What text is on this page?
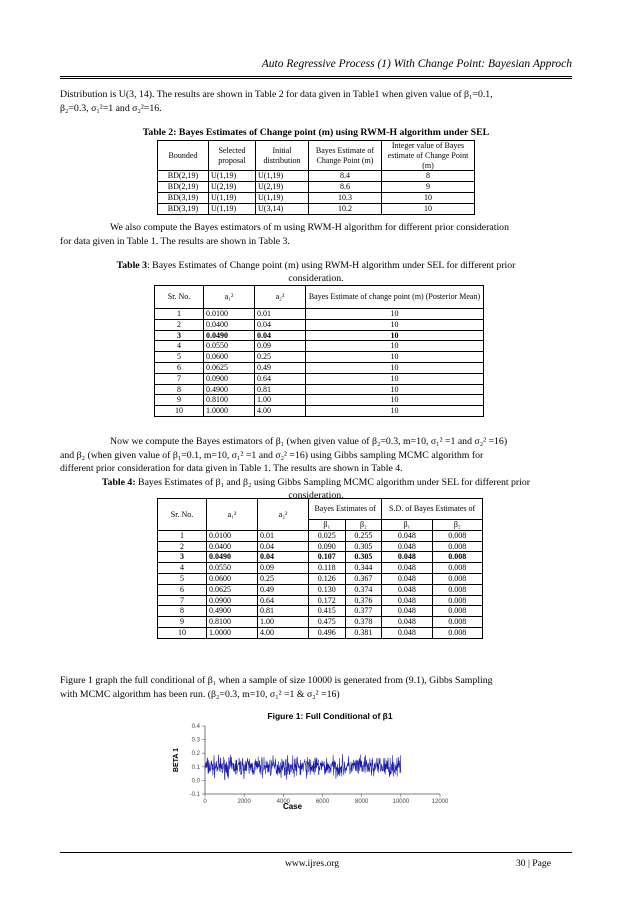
Auto Regressive Process (1) With Change Point: Bayesian Approch
Distribution is U(3, 14). The results are shown in Table 2 for data given in Table1 when given value of β₁=0.1,
β₂=0.3, σ₁²=1 and σ₂²=16.
Table 2: Bayes Estimates of Change point (m) using RWM-H algorithm under SEL
Bounded	Selected proposal	Initial distribution	Bayes Estimate of Change Point (m)	Integer value of Bayes estimate of Change Point (m)
BD(2,19)	U(1,19)	U(1,19)	8.4	8
BD(2,19)	U(2,19)	U(2,19)	8.6	9
BD(3,19)	U(1,19)	U(1,19)	10.3	10
BD(3,19)	U(1,19)	U(3,14)	10.2	10
We also compute the Bayes estimators of m using RWM-H algorithm for different prior consideration
for data given in Table 1. The results are shown in Table 3.
Table 3: Bayes Estimates of Change point (m) using RWM-H algorithm under SEL for different prior
consideration.
Sr. No.	a₁²	a₂²	Bayes Estimate of change point (m) (Posterior Mean)
1	0.0100	0.01	10
2	0.0400	0.04	10
3	0.0490	0.04	10
4	0.0550	0.09	10
5	0.0600	0.25	10
6	0.0625	0.49	10
7	0.0900	0.64	10
8	0.4900	0.81	10
9	0.8100	1.00	10
10	1.0000	4.00	10
Now we compute the Bayes estimators of β₁ (when given value of β₂=0.3, m=10, σ₁² =1 and σ₂² =16)
and β₂ (when given value of β₁=0.1, m=10, σ₁² =1 and σ₂² =16) using Gibbs sampling MCMC algorithm for
different prior consideration for data given in Table 1. The results are shown in Table 4.
Table 4: Bayes Estimates of β₁ and β₂ using Gibbs Sampling MCMC algorithm under SEL for different prior
consideration.
Sr. No.	a₁²	a₂²	Bayes Estimates of		S.D. of Bayes Estimates of	
			β₁	β₂	β₁	β₂
1	0.0100	0.01	0.025	0.255	0.048	0.008
2	0.0400	0.04	0.090	0.305	0.048	0.008
3	0.0490	0.04	0.107	0.305	0.048	0.008
4	0.0550	0.09	0.118	0.344	0.048	0.008
5	0.0600	0.25	0.126	0.367	0.048	0.008
6	0.0625	0.49	0.130	0.374	0.048	0.008
7	0.0900	0.64	0.172	0.376	0.048	0.008
8	0.4900	0.81	0.415	0.377	0.048	0.008
9	0.8100	1.00	0.475	0.378	0.048	0.008
10	1.0000	4.00	0.496	0.381	0.048	0.008
Figure 1 graph the full conditional of β₁ when a sample of size 10000 is generated from (9.1), Gibbs Sampling
with MCMC algorithm has been run. (β₂=0.3, m=10, σ₁² =1 & σ₂² =16)
Figure 1: Full Conditional of β1
0.4
0.3
0.2
0.1
0.0
-0.1
0	2000	4000	6000	8000	10000	12000
Case
BETA 1
www.ijres.org	30 | Page
